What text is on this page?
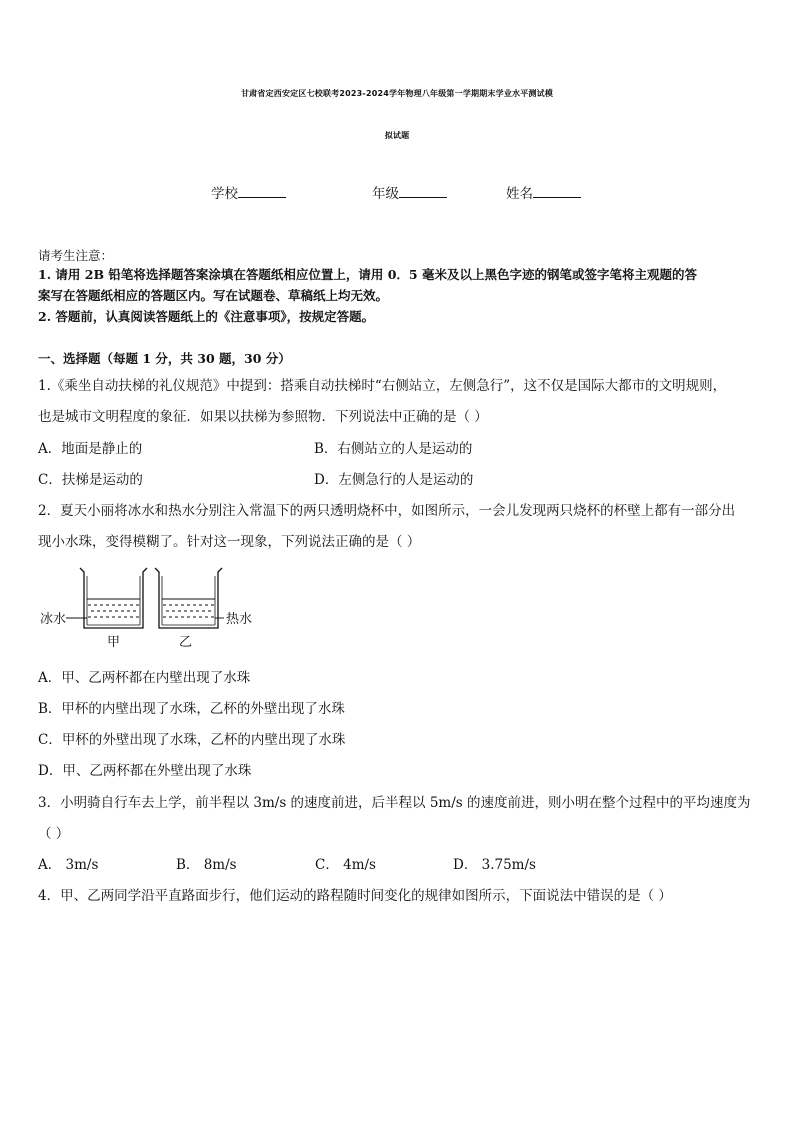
甘肃省定西安定区七校联考2023-2024学年物理八年级第一学期期末学业水平测试模
拟试题
学校	年级	姓名
请考生注意：
1. 请用 2B 铅笔将选择题答案涂填在答题纸相应位置上，请用 0．5 毫米及以上黑色字迹的钢笔或签字笔将主观题的答
案写在答题纸相应的答题区内。写在试题卷、草稿纸上均无效。
2. 答题前，认真阅读答题纸上的《注意事项》，按规定答题。
一、选择题（每题 1 分，共 30 题，30 分）
1.《乘坐自动扶梯的礼仪规范》中提到：搭乘自动扶梯时“右侧站立，左侧急行”，这不仅是国际大都市的文明规则，
也是城市文明程度的象征．如果以扶梯为参照物．下列说法中正确的是（ ）
A．地面是静止的	B．右侧站立的人是运动的
C．扶梯是运动的	D．左侧急行的人是运动的
2．夏天小丽将冰水和热水分别注入常温下的两只透明烧杯中，如图所示，一会儿发现两只烧杯的杯壁上都有一部分出
现小水珠，变得模糊了。针对这一现象，下列说法正确的是（ ）
冰水	热水
甲	乙
A．甲、乙两杯都在内壁出现了水珠
B．甲杯的内壁出现了水珠，乙杯的外壁出现了水珠
C．甲杯的外壁出现了水珠，乙杯的内壁出现了水珠
D．甲、乙两杯都在外壁出现了水珠
3．小明骑自行车去上学，前半程以 3m/s 的速度前进，后半程以 5m/s 的速度前进，则小明在整个过程中的平均速度为
（ ）
A． 3m/s	B． 8m/s	C． 4m/s	D． 3.75m/s
4．甲、乙两同学沿平直路面步行，他们运动的路程随时间变化的规律如图所示，下面说法中错误的是（ ）
